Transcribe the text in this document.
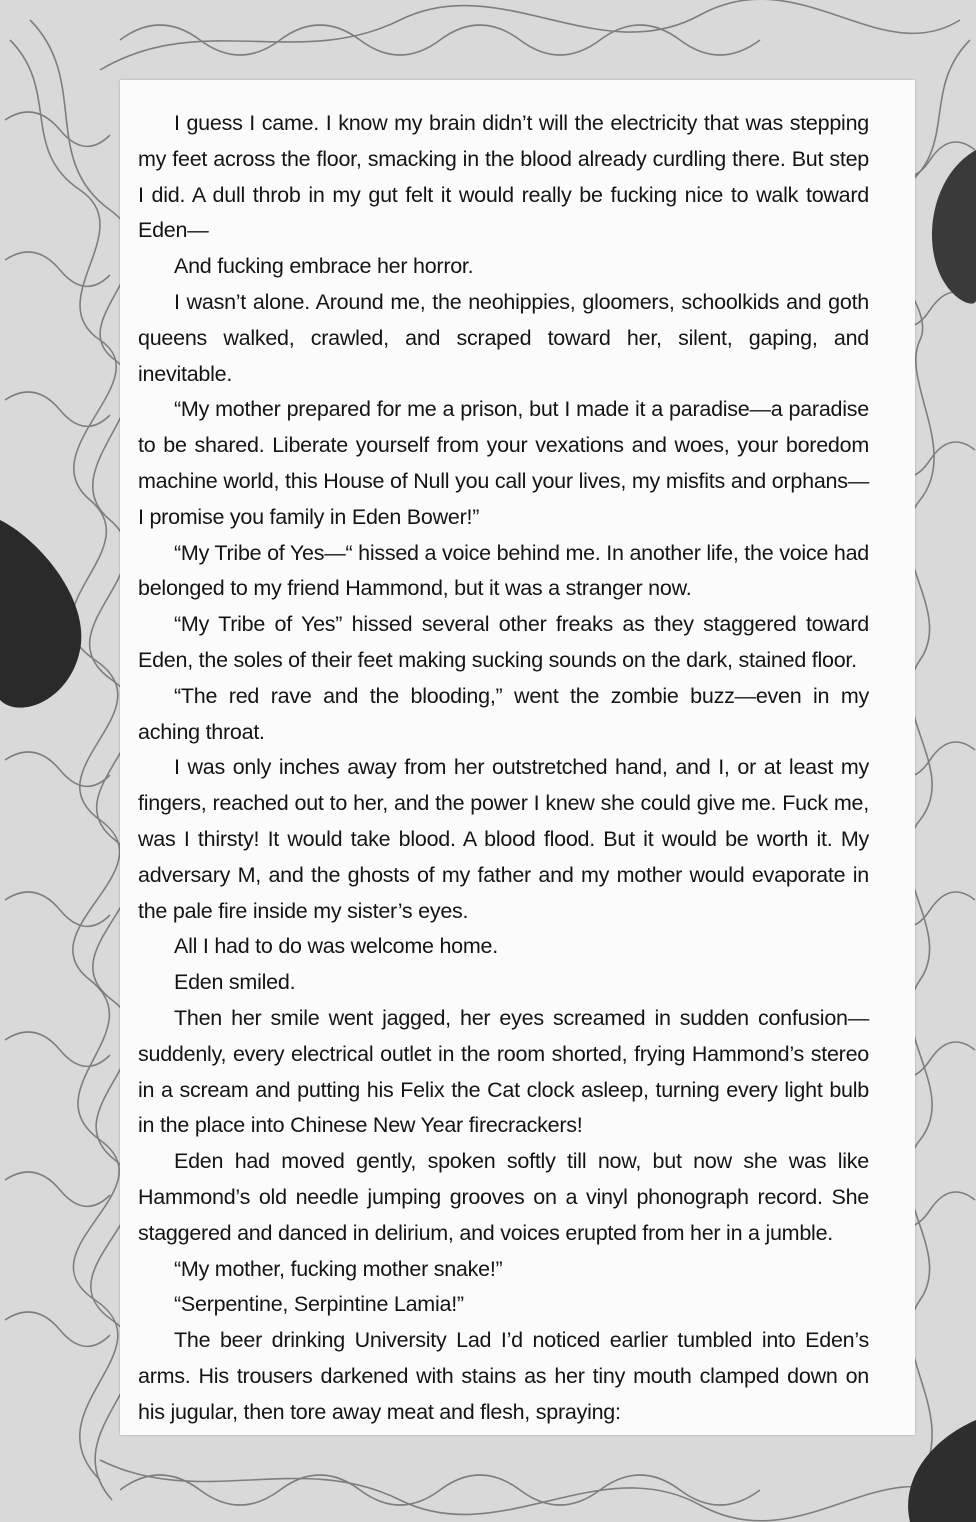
I guess I came. I know my brain didn’t will the electricity that was stepping my feet across the floor, smacking in the blood already curdling there. But step I did. A dull throb in my gut felt it would really be fucking nice to walk toward Eden—

And fucking embrace her horror.

I wasn’t alone. Around me, the neohippies, gloomers, schoolkids and goth queens walked, crawled, and scraped toward her, silent, gaping, and inevitable.

“My mother prepared for me a prison, but I made it a paradise—a paradise to be shared. Liberate yourself from your vexations and woes, your boredom machine world, this House of Null you call your lives, my misfits and orphans—I promise you family in Eden Bower!”

“My Tribe of Yes—“ hissed a voice behind me. In another life, the voice had belonged to my friend Hammond, but it was a stranger now.

“My Tribe of Yes” hissed several other freaks as they staggered toward Eden, the soles of their feet making sucking sounds on the dark, stained floor.

“The red rave and the blooding,” went the zombie buzz—even in my aching throat.

I was only inches away from her outstretched hand, and I, or at least my fingers, reached out to her, and the power I knew she could give me. Fuck me, was I thirsty! It would take blood. A blood flood. But it would be worth it. My adversary M, and the ghosts of my father and my mother would evaporate in the pale fire inside my sister’s eyes.

All I had to do was welcome home.

Eden smiled.

Then her smile went jagged, her eyes screamed in sudden confusion—suddenly, every electrical outlet in the room shorted, frying Hammond’s stereo in a scream and putting his Felix the Cat clock asleep, turning every light bulb in the place into Chinese New Year firecrackers!

Eden had moved gently, spoken softly till now, but now she was like Hammond’s old needle jumping grooves on a vinyl phonograph record. She staggered and danced in delirium, and voices erupted from her in a jumble.

“My mother, fucking mother snake!”

“Serpentine, Serpintine Lamia!”

The beer drinking University Lad I’d noticed earlier tumbled into Eden’s arms. His trousers darkened with stains as her tiny mouth clamped down on his jugular, then tore away meat and flesh, spraying:
